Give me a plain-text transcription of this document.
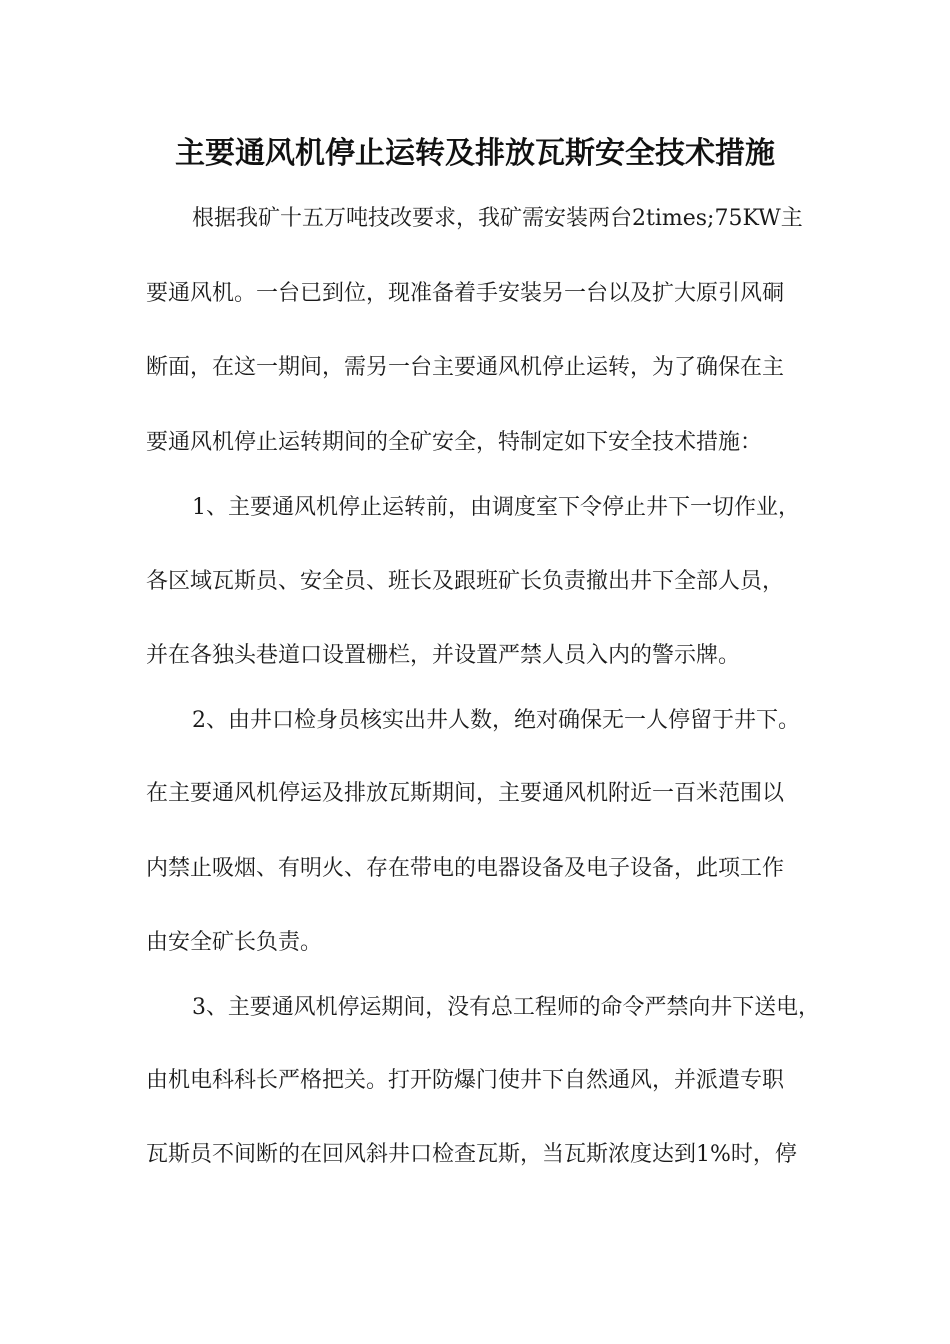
主要通风机停止运转及排放瓦斯安全技术措施
根据我矿十五万吨技改要求，我矿需安装两台2times;75KW主
要通风机。一台已到位，现准备着手安装另一台以及扩大原引风硐
断面，在这一期间，需另一台主要通风机停止运转，为了确保在主
要通风机停止运转期间的全矿安全，特制定如下安全技术措施：
1、主要通风机停止运转前，由调度室下令停止井下一切作业，
各区域瓦斯员、安全员、班长及跟班矿长负责撤出井下全部人员，
并在各独头巷道口设置栅栏，并设置严禁人员入内的警示牌。
2、由井口检身员核实出井人数，绝对确保无一人停留于井下。
在主要通风机停运及排放瓦斯期间，主要通风机附近一百米范围以
内禁止吸烟、有明火、存在带电的电器设备及电子设备，此项工作
由安全矿长负责。
3、主要通风机停运期间，没有总工程师的命令严禁向井下送电，
由机电科科长严格把关。打开防爆门使井下自然通风，并派遣专职
瓦斯员不间断的在回风斜井口检查瓦斯，当瓦斯浓度达到1%时，停
